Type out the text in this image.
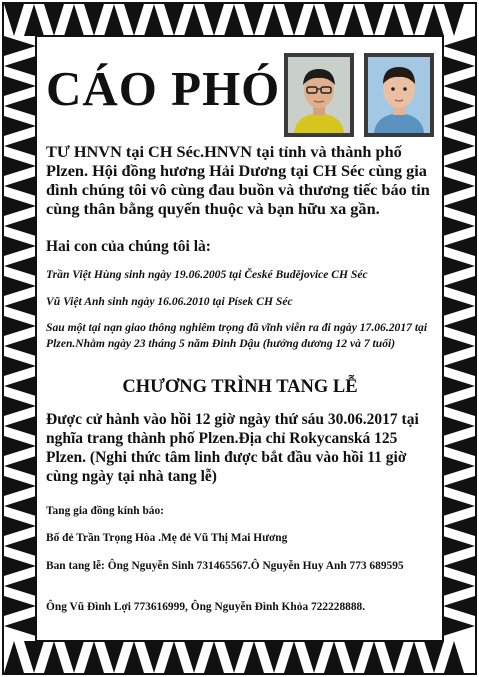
CÁO PHÓ

TƯ HNVN tại CH Séc.HNVN tại tỉnh và thành phố Plzen. Hội đồng hương Hải Dương tại CH Séc cùng gia đình chúng tôi vô cùng đau buồn và thương tiếc báo tin cùng thân bằng quyến thuộc và bạn hữu xa gần.

Hai con của chúng tôi là:

Trần Việt Hùng sinh ngày 19.06.2005 tại České Budějovice CH Séc

Vũ Việt Anh sinh ngày 16.06.2010 tại Písek CH Séc

Sau một tại nạn giao thông nghiêm trọng đã vĩnh viễn ra đi ngày 17.06.2017 tại Plzen.Nhằm ngày 23 tháng 5 năm Đinh Dậu (hưởng dương 12 và 7 tuổi)

CHƯƠNG TRÌNH TANG LỄ

Được cử hành vào hồi 12 giờ ngày thứ sáu 30.06.2017 tại nghĩa trang thành phố Plzen.Địa chỉ Rokycanská 125 Plzen. (Nghi thức tâm linh được bắt đầu vào hồi 11 giờ cùng ngày tại nhà tang lễ)

Tang gia đồng kính báo:

Bố đẻ Trần Trọng Hòa .Mẹ đẻ Vũ Thị Mai Hương

Ban tang lễ: Ông Nguyễn Sinh 731465567.Ô Nguyễn Huy Anh 773 689595

Ông Vũ Đình Lợi 773616999, Ông Nguyễn Đình Khỏa 722228888.
